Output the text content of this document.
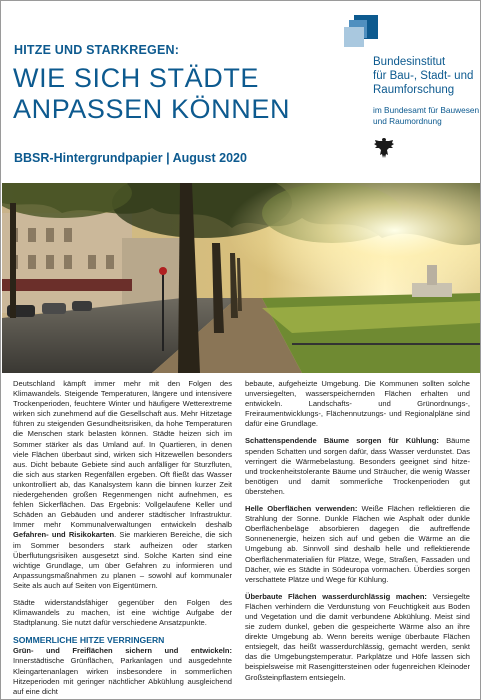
HITZE UND STARKREGEN:
WIE SICH STÄDTE
ANPASSEN KÖNNEN
BBSR-Hintergrundpapier | August 2020
Bundesinstitut
für Bau-, Stadt- und
Raumforschung
im Bundesamt für Bauwesen
und Raumordnung

Deutschland kämpft immer mehr mit den Folgen des Klimawandels. Steigende Temperaturen, längere und intensivere Trockenperioden, feuchtere Winter und häufigere Wetterextreme wirken sich zunehmend auf die Gesellschaft aus. Mehr Hitzetage führen zu steigenden Gesundheitsrisiken, da hohe Temperaturen die Menschen stark belasten können. Städte heizen sich im Sommer stärker als das Umland auf. In Quartieren, in denen viele Flächen überbaut sind, wirken sich Hitzewellen besonders aus. Dicht bebaute Gebiete sind auch anfälliger für Sturzfluten, die sich aus starken Regenfällen ergeben. Oft fließt das Wasser unkontrolliert ab, das Kanalsystem kann die binnen kurzer Zeit niedergehenden großen Regenmengen nicht aufnehmen, es fehlen Sickerflächen. Das Ergebnis: Vollgelaufene Keller und Schäden an Gebäuden und anderer städtischer Infrastruktur. Immer mehr Kommunalverwaltungen entwickeln deshalb Gefahren- und Risikokarten. Sie markieren Bereiche, die sich im Sommer besonders stark aufheizen oder starken Überflutungsrisiken ausgesetzt sind. Solche Karten sind eine wichtige Grundlage, um über Gefahren zu informieren und Anpassungsmaßnahmen zu planen – sowohl auf kommunaler Seite als auch auf Seiten von Eigentümern.

Städte widerstandsfähiger gegenüber den Folgen des Klimawandels zu machen, ist eine wichtige Aufgabe der Stadtplanung. Sie nutzt dafür verschiedene Ansatzpunkte.

SOMMERLICHE HITZE VERRINGERN

Grün- und Freiflächen sichern und entwickeln: Innerstädtische Grünflächen, Parkanlagen und ausgedehnte Kleingartenanlagen wirken insbesondere in sommerlichen Hitzeperioden mit geringer nächtlicher Abkühlung ausgleichend auf eine dicht

bebaute, aufgeheizte Umgebung. Die Kommunen sollten solche unversiegelten, wasserspeichernden Flächen erhalten und entwickeln. Landschafts- und Grünordnungs-, Freiraumentwicklungs-, Flächennutzungs- und Regionalpläne sind dafür eine Grundlage.

Schattenspendende Bäume sorgen für Kühlung: Bäume spenden Schatten und sorgen dafür, dass Wasser verdunstet. Das verringert die Wärmebelastung. Besonders geeignet sind hitze- und trockenheitstolerante Bäume und Sträucher, die wenig Wasser benötigen und damit sommerliche Trockenperioden gut überstehen.

Helle Oberflächen verwenden: Weiße Flächen reflektieren die Strahlung der Sonne. Dunkle Flächen wie Asphalt oder dunkle Oberflächenbeläge absorbieren dagegen die auftreffende Sonnenenergie, heizen sich auf und geben die Wärme an die Umgebung ab. Sinnvoll sind deshalb helle und reflektierende Oberflächenmaterialien für Plätze, Wege, Straßen, Fassaden und Dächer, wie es Städte in Südeuropa vormachen. Überdies sorgen verschattete Plätze und Wege für Kühlung.

Überbaute Flächen wasserdurchlässig machen: Versiegelte Flächen verhindern die Verdunstung von Feuchtigkeit aus Boden und Vegetation und die damit verbundene Abkühlung. Meist sind sie zudem dunkel, geben die gespeicherte Wärme also an ihre direkte Umgebung ab. Wenn bereits wenige überbaute Flächen entsiegelt, das heißt wasserdurchlässig, gemacht werden, senkt das die Umgebungstemperatur. Parkplätze und Höfe lassen sich beispielsweise mit Rasengittersteinen oder fugenreichen Kleinoder Großsteinpflastern entsiegeln.
